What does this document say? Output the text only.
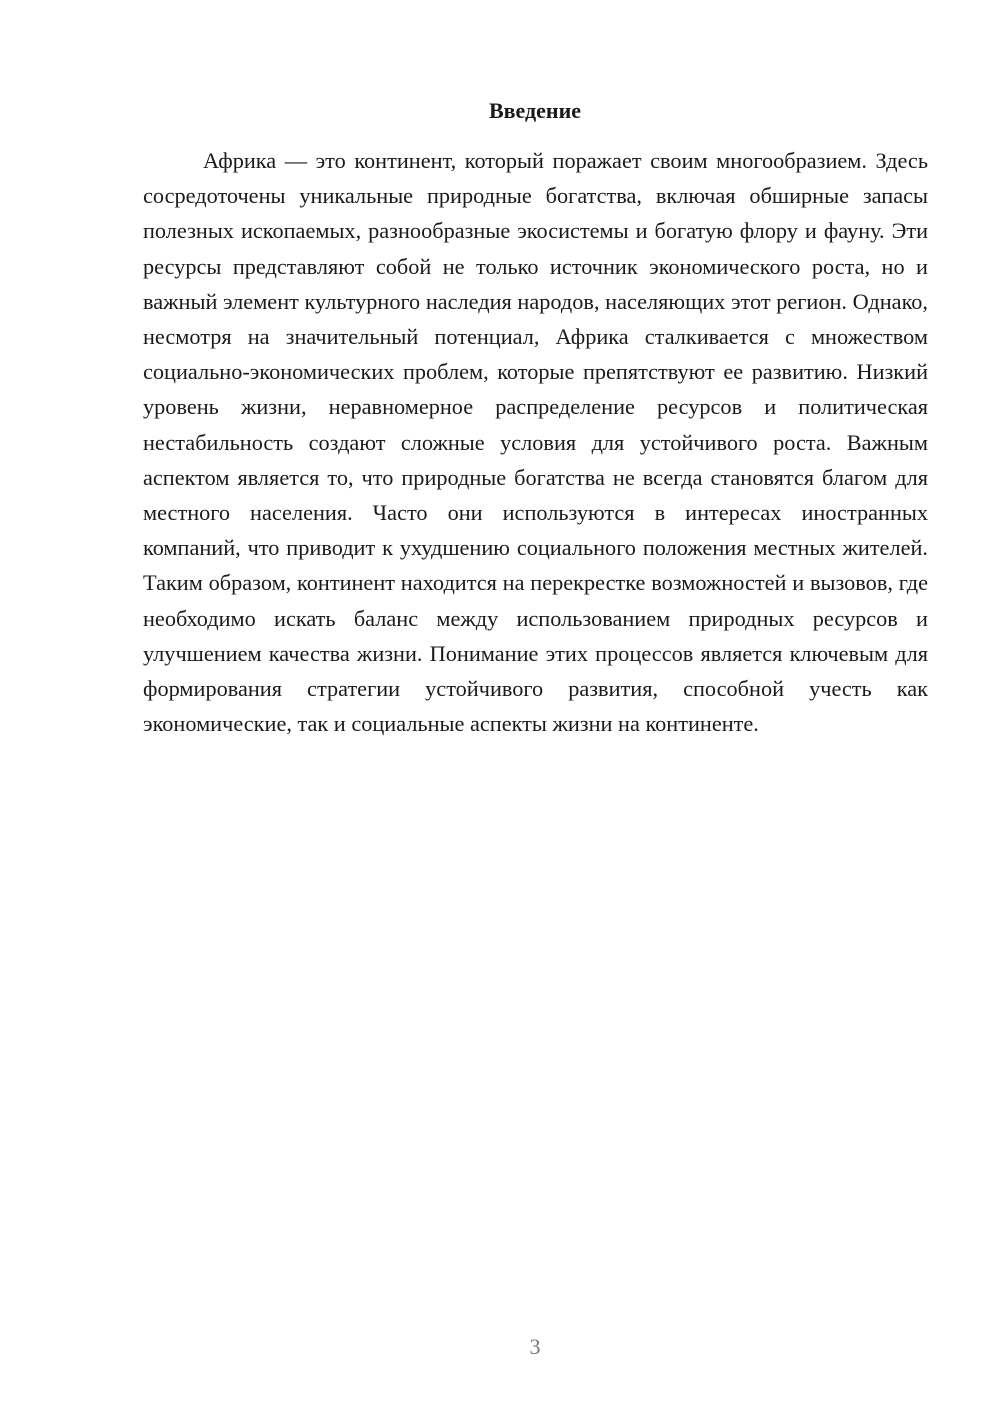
Введение

Африка — это континент, который поражает своим многообразием. Здесь сосредоточены уникальные природные богатства, включая обширные запасы полезных ископаемых, разнообразные экосистемы и богатую флору и фауну. Эти ресурсы представляют собой не только источник экономического роста, но и важный элемент культурного наследия народов, населяющих этот регион. Однако, несмотря на значительный потенциал, Африка сталкивается с множеством социально-экономических проблем, которые препятствуют ее развитию. Низкий уровень жизни, неравномерное распределение ресурсов и политическая нестабильность создают сложные условия для устойчивого роста. Важным аспектом является то, что природные богатства не всегда становятся благом для местного населения. Часто они используются в интересах иностранных компаний, что приводит к ухудшению социального положения местных жителей. Таким образом, континент находится на перекрестке возможностей и вызовов, где необходимо искать баланс между использованием природных ресурсов и улучшением качества жизни. Понимание этих процессов является ключевым для формирования стратегии устойчивого развития, способной учесть как экономические, так и социальные аспекты жизни на континенте.

3
